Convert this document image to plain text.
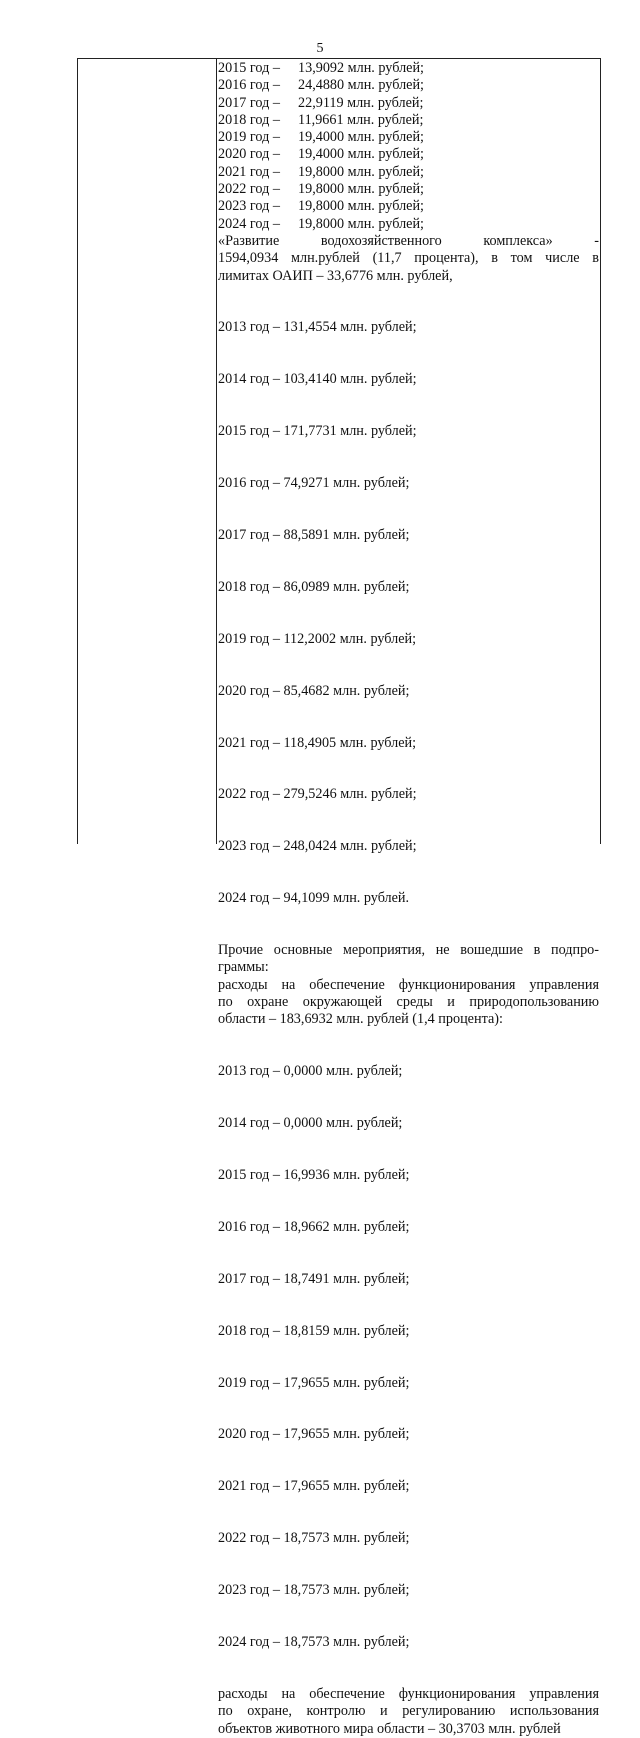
5
2015 год – 13,9092 млн. рублей;
2016 год – 24,4880 млн. рублей;
2017 год – 22,9119 млн. рублей;
2018 год – 11,9661 млн. рублей;
2019 год – 19,4000 млн. рублей;
2020 год – 19,4000 млн. рублей;
2021 год – 19,8000 млн. рублей;
2022 год – 19,8000 млн. рублей;
2023 год – 19,8000 млн. рублей;
2024 год – 19,8000 млн. рублей;
«Развитие водохозяйственного комплекса» -
1594,0934 млн.рублей (11,7 процента), в том числе в
лимитах ОАИП – 33,6776 млн. рублей,

2013 год – 131,4554 млн. рублей;

2014 год – 103,4140 млн. рублей;

2015 год – 171,7731 млн. рублей;

2016 год – 74,9271 млн. рублей;

2017 год – 88,5891 млн. рублей;

2018 год – 86,0989 млн. рублей;

2019 год – 112,2002 млн. рублей;

2020 год – 85,4682 млн. рублей;

2021 год – 118,4905 млн. рублей;

2022 год – 279,5246 млн. рублей;

2023 год – 248,0424 млн. рублей;

2024 год – 94,1099 млн. рублей.

Прочие основные мероприятия, не вошедшие в подпро-
граммы:
расходы на обеспечение функционирования управления
по охране окружающей среды и природопользованию
области – 183,6932 млн. рублей (1,4 процента):

2013 год – 0,0000 млн. рублей;

2014 год – 0,0000 млн. рублей;

2015 год – 16,9936 млн. рублей;

2016 год – 18,9662 млн. рублей;

2017 год – 18,7491 млн. рублей;

2018 год – 18,8159 млн. рублей;

2019 год – 17,9655 млн. рублей;

2020 год – 17,9655 млн. рублей;

2021 год – 17,9655 млн. рублей;

2022 год – 18,7573 млн. рублей;

2023 год – 18,7573 млн. рублей;

2024 год – 18,7573 млн. рублей;

расходы на обеспечение функционирования управления
по охране, контролю и регулированию использования
объектов животного мира области – 30,3703 млн. рублей
